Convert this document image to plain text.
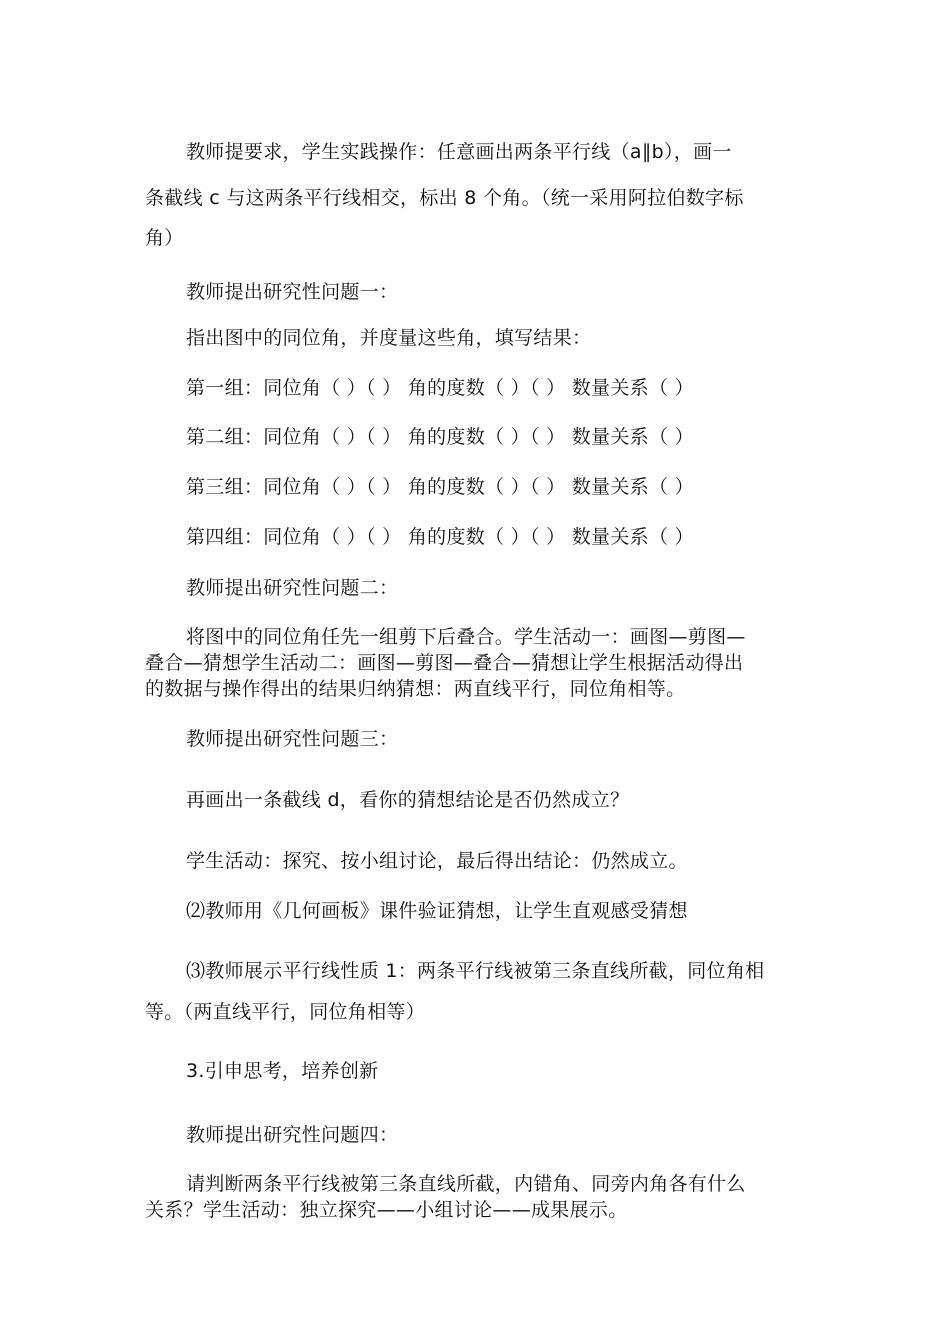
教师提要求，学生实践操作：任意画出两条平行线（a∥b），画一
条截线 c 与这两条平行线相交，标出 8 个角。（统一采用阿拉伯数字标
角）
教师提出研究性问题一：
指出图中的同位角，并度量这些角，填写结果：
第一组：同位角（ ）（ ） 角的度数（ ）（ ） 数量关系（ ）
第二组：同位角（ ）（ ） 角的度数（ ）（ ） 数量关系（ ）
第三组：同位角（ ）（ ） 角的度数（ ）（ ） 数量关系（ ）
第四组：同位角（ ）（ ） 角的度数（ ）（ ） 数量关系（ ）
教师提出研究性问题二：
将图中的同位角任先一组剪下后叠合。学生活动一：画图—剪图—
叠合—猜想学生活动二：画图—剪图—叠合—猜想让学生根据活动得出
的数据与操作得出的结果归纳猜想：两直线平行，同位角相等。
教师提出研究性问题三：
再画出一条截线 d，看你的猜想结论是否仍然成立？
学生活动：探究、按小组讨论，最后得出结论：仍然成立。
⑵教师用《几何画板》课件验证猜想，让学生直观感受猜想
⑶教师展示平行线性质 1：两条平行线被第三条直线所截，同位角相
等。（两直线平行，同位角相等）
3.引申思考，培养创新
教师提出研究性问题四：
请判断两条平行线被第三条直线所截，内错角、同旁内角各有什么
关系？学生活动：独立探究——小组讨论——成果展示。
